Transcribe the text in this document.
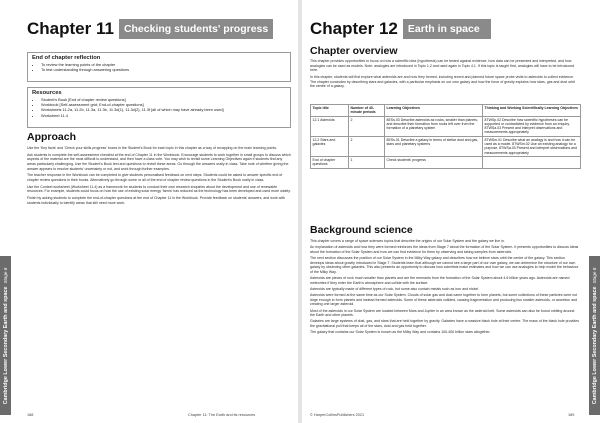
Chapter 11 Checking students' progress
End of chapter reflection
• To review the learning points of the chapter
• To test understanding through answering questions
Resources
• Student's Book [End of chapter review questions]
• Workbook [Self-assessment grid; End-of-chapter questions]
• Worksheets 11.2a, 11.2b, 11.3a, 11.3b, 11.3d(1), 11.3d(2), 11.3f [all of which may have already been used]
• Worksheet 11.4
Approach

Use the 'Key facts' and 'Check your skills progress' boxes in the Student's Book for each topic in this chapter as a way of recapping on the main learning points.

Ask students to complete the self-assessment checklist at the end of Chapter 11 in the Workbook. Encourage students to work together in small groups to discuss which aspects of the material are the most difficult to understand, and then have a class vote. You may wish to revisit some Learning Objectives again if students find any areas particularly challenging. Use the Student's Book text and questions to revisit these areas. Go through the answers orally in class. Take note of whether giving the answer appears to resolve students' uncertainty or not, and work through further examples.

The teacher response in the Workbook can be completed to give students personalised feedback on next steps. Students could be asked to answer specific end of chapter review questions in their books. Alternatively go through some or all of the end of chapter review questions in the Student's Book orally in class.

Use the Context worksheet (Worksheet 11.4) as a framework for students to conduct their own research enquiries about the development and use of renewable resources. For example, students could focus on how the use of existing solar energy 'farms' has reduced as the technology has been developed and used more widely.

Finish by asking students to complete the end-of-chapter questions at the end of Chapter 11 in the Workbook. Provide feedback on students' answers, and work with students individually to identify areas that still need more work.

Cambridge Lower Secondary Earth and spaceStage 8
188	Chapter 11: The Earth and its resources
Chapter 12 Earth in space
Chapter overview

This chapter provides opportunities to focus on how a scientific idea (hypothesis) can be tested against evidence, how data can be presented and interpreted, and how analogies can be used as models. Note: analogies are introduced in Topic 1.2 and used again in Topic 4.1. If this topic is taught first, analogies will have to be introduced here.

In this chapter, students will first explore what asteroids are and how they formed, including recent and planned future space probe visits to asteroids to collect evidence. The chapter concludes by describing stars and galaxies, with a particular emphasis on our own galaxy and how the force of gravity explains how stars, gas and dust orbit the centre of a galaxy.

Topic title	Number of 40-minute periods	Learning Objectives	Thinking and Working Scientifically Learning Objectives
12.1 Asteroids	2	8ESs.03 Describe asteroids as rocks, smaller than planets, and describe their formation from rocks left over from the formation of a planetary system	8TWSp.02 Describe how scientific hypotheses can be supported or contradicted by evidence from an enquiry. 8TWSa.03 Present and interpret observations and measurements appropriately
12.2 Stars and galaxies	2	8ESs.01 Describe a galaxy in terms of stellar dust and gas, stars and planetary systems	8TWSm.01 Describe what an analogy is and how it can be used as a model. 8TWSm.02 Use an existing analogy for a purpose. 8TWSa.03 Present and interpret observations and measurements appropriately
End of chapter questions	1	Check students' progress	
Background science

This chapter covers a range of space sciences topics that describe the origins of our Solar System and the galaxy we live in.

An explanation of asteroids and how they were formed reinforces the ideas from Stage 7 about the formation of the Solar System. It presents opportunities to discuss ideas about the formation of the Solar System and how we can find evidence for them by observing and taking samples from asteroids.

The next section discusses the position of our Solar System in the Milky Way galaxy and describes how we believe stars orbit the centre of the galaxy. This section develops ideas about gravity introduced in Stage 7. Students learn that although we cannot see a large part of our own galaxy, we can determine the structure of our own galaxy by observing other galaxies. This also presents an opportunity to discuss how scientists make estimates and how we can use analogies to help model the behaviour of the Milky Way.

Asteroids are pieces of rock much smaller than planets and are the remnants from the formation of the Solar System about 4.6 billion years ago. Asteroids are named meteorites if they enter the Earth's atmosphere and collide with the surface.

Asteroids are typically made of different types of rock, but some also contain metals such as iron and nickel.

Asteroids were formed at the same time as our Solar System. Clouds of solar gas and dust came together to form planets, but some collections of these particles were not large enough to form planets and instead formed asteroids. Some of these asteroids collided, causing fragmentation and producing two smaller asteroids, or accretion and creating one larger asteroid.

Most of the asteroids in our Solar System are located between Mars and Jupiter in an area known as the asteroid belt. Some asteroids can also be found orbiting around the Earth and other planets.

Galaxies are large systems of dust, gas, and stars that are held together by gravity. Galaxies have a massive black hole at their centre. The mass of the black hole provides the gravitational pull that keeps all of the stars, dust and gas held together.

The galaxy that contains our Solar System is known as the Milky Way and contains 100-400 billion stars altogether.	Cambridge Lower Secondary Earth and spaceStage 8
© HarperCollinsPublishers 2021	189
